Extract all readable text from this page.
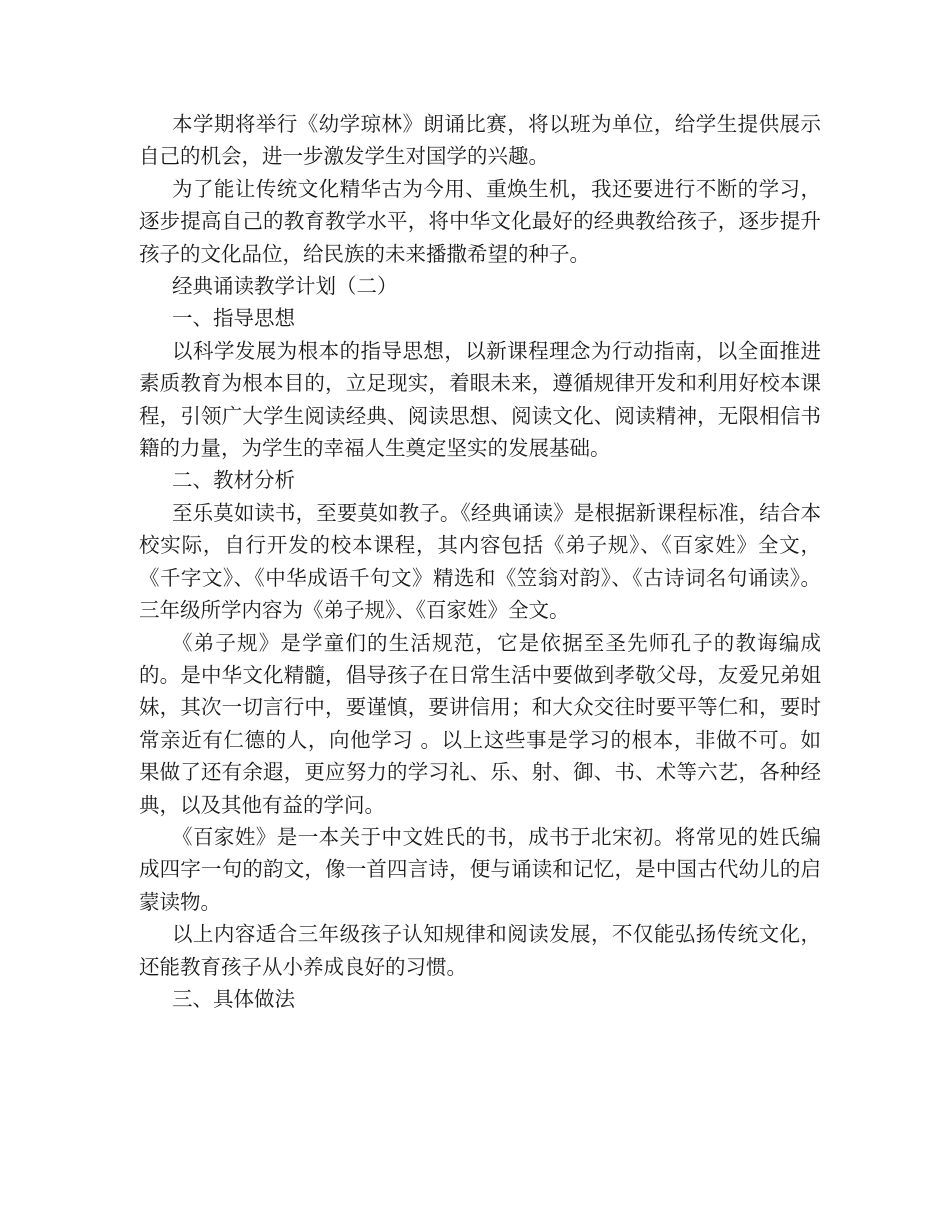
本学期将举行《幼学琼林》朗诵比赛，将以班为单位，给学生提供展示自己的机会，进一步激发学生对国学的兴趣。

为了能让传统文化精华古为今用、重焕生机，我还要进行不断的学习，逐步提高自己的教育教学水平，将中华文化最好的经典教给孩子，逐步提升孩子的文化品位，给民族的未来播撒希望的种子。

经典诵读教学计划（二）

一、指导思想

以科学发展为根本的指导思想，以新课程理念为行动指南，以全面推进素质教育为根本目的，立足现实，着眼未来，遵循规律开发和利用好校本课程，引领广大学生阅读经典、阅读思想、阅读文化、阅读精神，无限相信书籍的力量，为学生的幸福人生奠定坚实的发展基础。

二、教材分析

至乐莫如读书，至要莫如教子。《经典诵读》是根据新课程标准，结合本校实际，自行开发的校本课程，其内容包括《弟子规》、《百家姓》全文，《千字文》、《中华成语千句文》精选和《笠翁对韵》、《古诗词名句诵读》。三年级所学内容为《弟子规》、《百家姓》全文。

《弟子规》是学童们的生活规范，它是依据至圣先师孔子的教诲编成的。是中华文化精髓，倡导孩子在日常生活中要做到孝敬父母，友爱兄弟姐妹，其次一切言行中，要谨慎，要讲信用；和大众交往时要平等仁和，要时常亲近有仁德的人，向他学习 。以上这些事是学习的根本，非做不可。如果做了还有余遐，更应努力的学习礼、乐、射、御、书、术等六艺，各种经典，以及其他有益的学问。

《百家姓》是一本关于中文姓氏的书，成书于北宋初。将常见的姓氏编成四字一句的韵文，像一首四言诗，便与诵读和记忆，是中国古代幼儿的启蒙读物。

以上内容适合三年级孩子认知规律和阅读发展，不仅能弘扬传统文化，还能教育孩子从小养成良好的习惯。

三、具体做法
